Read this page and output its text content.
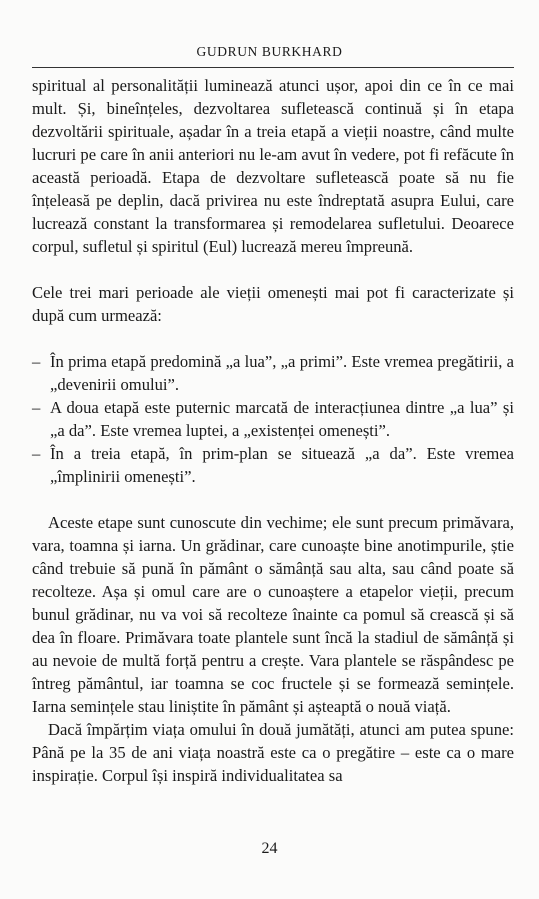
GUDRUN BURKHARD

spiritual al personalității luminează atunci ușor, apoi din ce în ce mai mult. Și, bineînțeles, dezvoltarea sufletească continuă și în etapa dezvoltării spirituale, așadar în a treia etapă a vieții noastre, când multe lucruri pe care în anii anteriori nu le-am avut în vedere, pot fi refăcute în această perioadă. Etapa de dezvoltare sufletească poate să nu fie înțeleasă pe deplin, dacă privirea nu este îndreptată asupra Eului, care lucrează constant la transformarea și remodelarea sufletului. Deoarece corpul, sufletul și spiritul (Eul) lucrează mereu împreună.

Cele trei mari perioade ale vieții omenești mai pot fi caracterizate și după cum urmează:

– În prima etapă predomină „a lua”, „a primi”. Este vremea pregătirii, a „devenirii omului”.
– A doua etapă este puternic marcată de interacțiunea dintre „a lua” și „a da”. Este vremea luptei, a „existenței omenești”.
– În a treia etapă, în prim-plan se situează „a da”. Este vremea „împlinirii omenești”.

Aceste etape sunt cunoscute din vechime; ele sunt precum primăvara, vara, toamna și iarna. Un grădinar, care cunoaște bine anotimpurile, știe când trebuie să pună în pământ o sămânță sau alta, sau când poate să recolteze. Așa și omul care are o cunoaștere a etapelor vieții, precum bunul grădinar, nu va voi să recolteze înainte ca pomul să crească și să dea în floare. Primăvara toate plantele sunt încă la stadiul de sămânță și au nevoie de multă forță pentru a crește. Vara plantele se răspândesc pe întreg pământul, iar toamna se coc fructele și se formează semințele. Iarna semințele stau liniștite în pământ și așteaptă o nouă viață.

Dacă împărțim viața omului în două jumătăți, atunci am putea spune: Până pe la 35 de ani viața noastră este ca o pregătire – este ca o mare inspirație. Corpul își inspiră individualitatea sa

24
